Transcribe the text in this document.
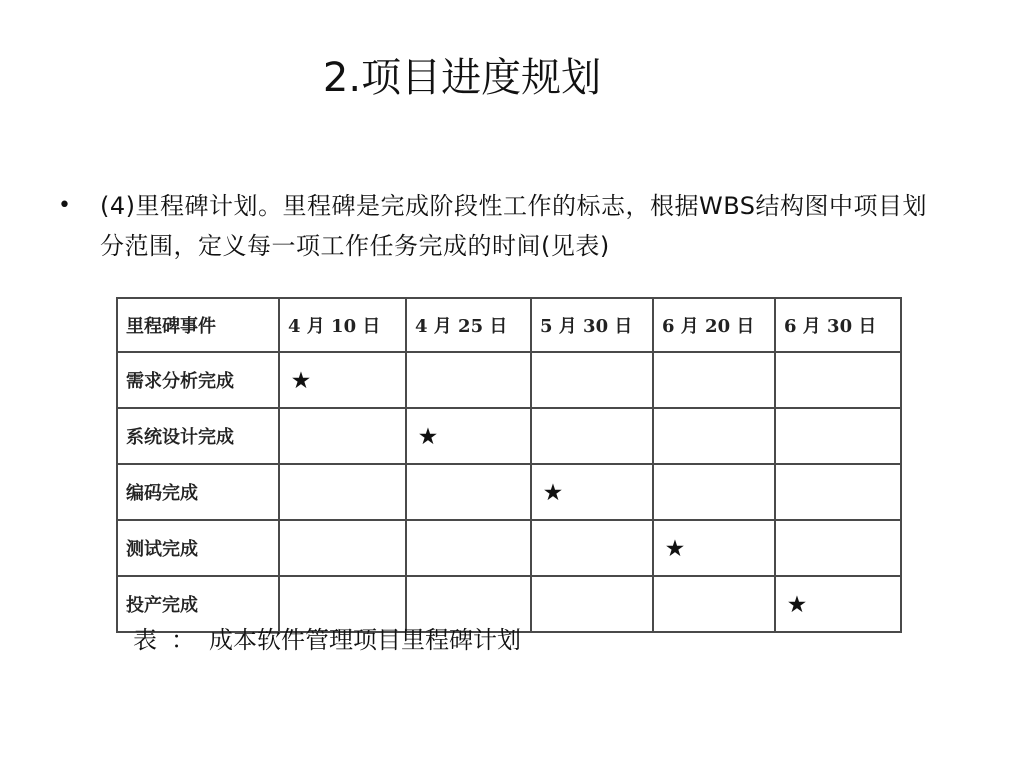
2.项目进度规划
• (4)里程碑计划。里程碑是完成阶段性工作的标志，根据WBS结构图中项目划分范围，定义每一项工作任务完成的时间(见表)
里程碑事件	4 月 10 日	4 月 25 日	5 月 30 日	6 月 20 日	6 月 30 日
需求分析完成	★				
系统设计完成		★			
编码完成			★		
测试完成				★	
投产完成					★
表 ： 成本软件管理项目里程碑计划
